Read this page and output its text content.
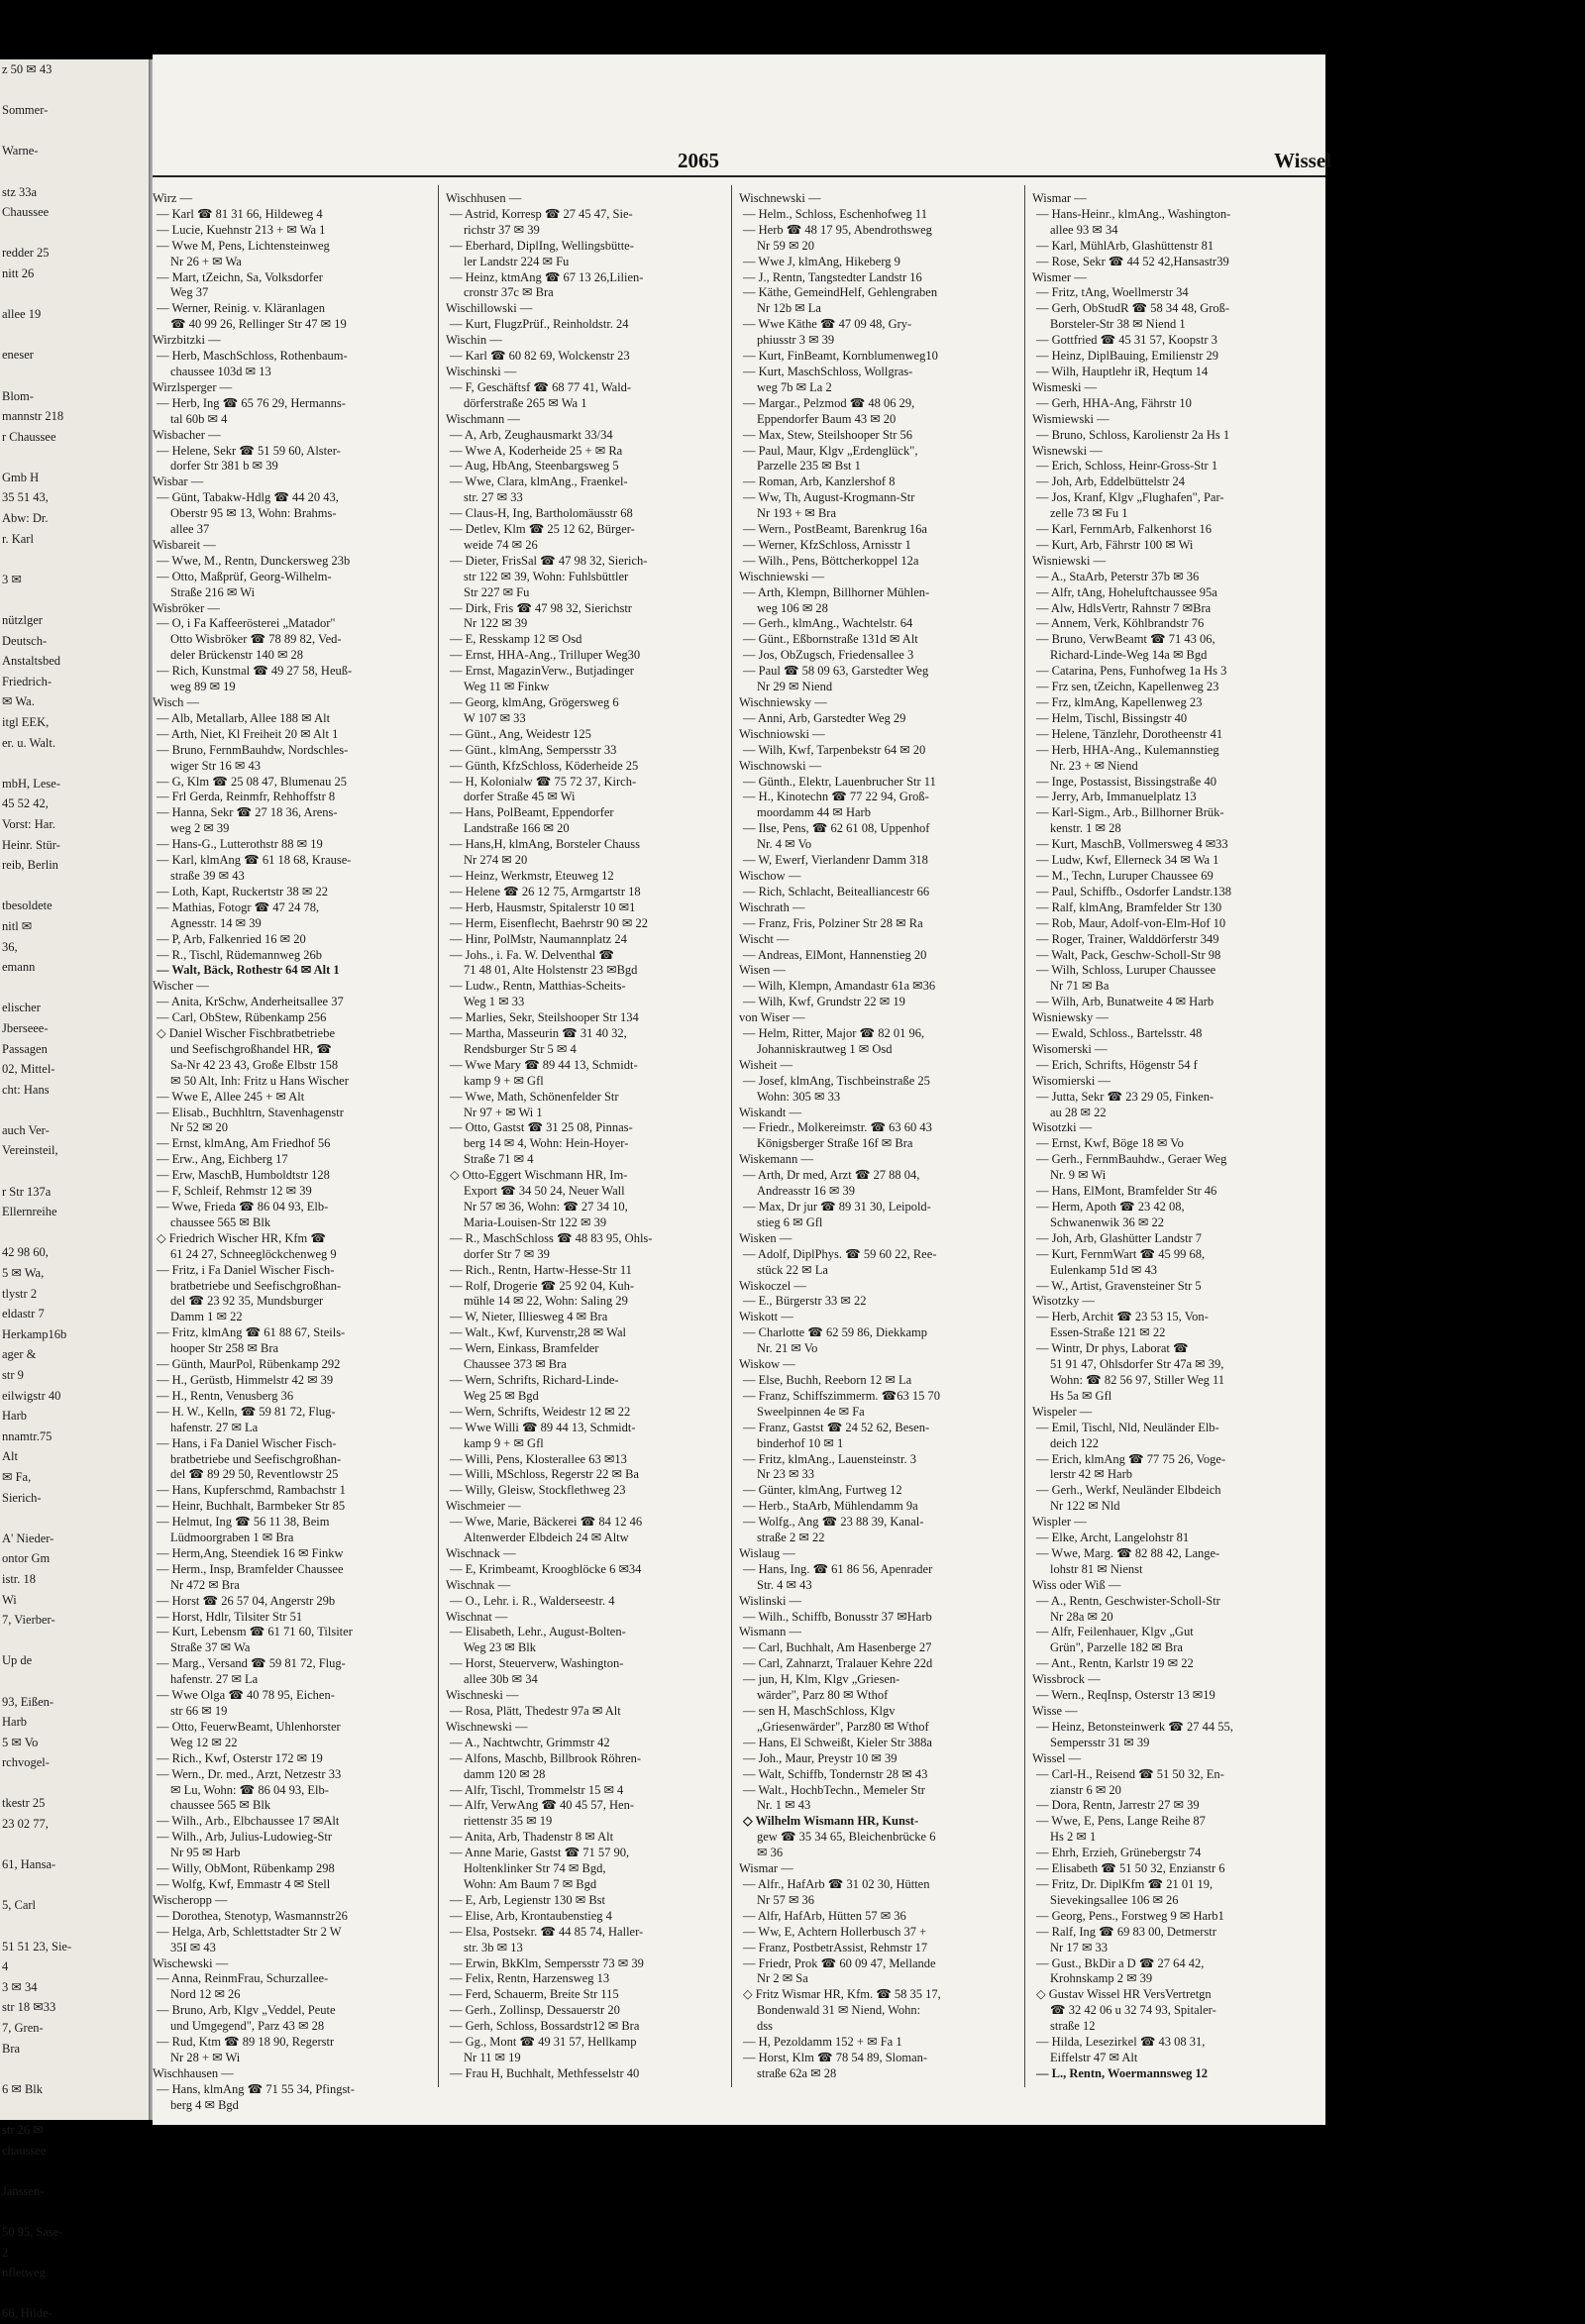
z 50 ✉ 43

Sommer-

Warne-

stz 33a
Chaussee

redder 25
nitt 26

allee 19

eneser

Blom-
mannstr 218
r Chaussee

Gmb H
35 51 43,
Abw: Dr.
r. Karl

3 ✉

nützlger
Deutsch-
Anstaltsbed
Friedrich-
✉ Wa.
itgl EEK,
er. u. Walt.

mbH, Lese-
45 52 42,
Vorst: Har.
Heinr. Stür-
reib, Berlin

tbesoldete
nitl ✉
36,
emann

elischer
Jberseee-
Passagen
02, Mittel-
cht: Hans

auch Ver-
Vereinsteil,

r Str 137a
Ellernreihe

42 98 60,
5 ✉ Wa,
tlystr 2
eldastr 7
Herkamp16b
ager &
str 9
eilwigstr 40
Harb
nnamtr.75
Alt
✉ Fa,
Sierich-

A' Nieder-
ontor Gm
istr. 18
Wi
7, Vierber-

Up de

93, Eißen-
Harb
5 ✉ Vo
rchvogel-

tkestr 25
23 02 77,

61, Hansa-

5, Carl

51 51 23, Sie-
4
3 ✉ 34
str 18 ✉33
7, Gren-
Bra

6 ✉ Blk

str 26 ✉
chaussee

Janssen-

50 95, Sase-
2
nfletweg

66, Hilde-
2065	Wissel
Wirz —
— Karl ☎ 81 31 66, Hildeweg 4
— Lucie, Kuehnstr 213 + ✉ Wa 1
— Wwe M, Pens, Lichtensteinweg
Nr 26 + ✉ Wa
— Mart, tZeichn, Sa, Volksdorfer
Weg 37
— Werner, Reinig. v. Kläranlagen
☎ 40 99 26, Rellinger Str 47 ✉ 19
Wirzbitzki —
— Herb, MaschSchloss, Rothenbaum-
chaussee 103d ✉ 13
Wirzlsperger —
— Herb, Ing ☎ 65 76 29, Hermanns-
tal 60b ✉ 4
Wisbacher —
— Helene, Sekr ☎ 51 59 60, Alster-
dorfer Str 381 b ✉ 39
Wisbar —
— Günt, Tabakw-Hdlg ☎ 44 20 43,
Oberstr 95 ✉ 13, Wohn: Brahms-
allee 37
Wisbareit —
— Wwe, M., Rentn, Dunckersweg 23b
— Otto, Maßprüf, Georg-Wilhelm-
Straße 216 ✉ Wi
Wisbröker —
— O, i Fa Kaffeerösterei „Matador"
Otto Wisbröker ☎ 78 89 82, Ved-
deler Brückenstr 140 ✉ 28
— Rich, Kunstmal ☎ 49 27 58, Heuß-
weg 89 ✉ 19
Wisch —
— Alb, Metallarb, Allee 188 ✉ Alt
— Arth, Niet, Kl Freiheit 20 ✉ Alt 1
— Bruno, FernmBauhdw, Nordschles-
wiger Str 16 ✉ 43
— G, Klm ☎ 25 08 47, Blumenau 25
— Frl Gerda, Reinmfr, Rehhoffstr 8
— Hanna, Sekr ☎ 27 18 36, Arens-
weg 2 ✉ 39
— Hans-G., Lutterothstr 88 ✉ 19
— Karl, klmAng ☎ 61 18 68, Krause-
straße 39 ✉ 43
— Loth, Kapt, Ruckertstr 38 ✉ 22
— Mathias, Fotogr ☎ 47 24 78,
Agnesstr. 14 ✉ 39
— P, Arb, Falkenried 16 ✉ 20
— R., Tischl, Rüdemannweg 26b
— Walt, Bäck, Rothestr 64 ✉ Alt 1
Wischer —
— Anita, KrSchw, Anderheitsallee 37
— Carl, ObStew, Rübenkamp 256
◇ Daniel Wischer Fischbratbetriebe
und Seefischgroßhandel HR, ☎
Sa-Nr 42 23 43, Große Elbstr 158
✉ 50 Alt, Inh: Fritz u Hans Wischer
— Wwe E, Allee 245 + ✉ Alt
— Elisab., Buchhltrn, Stavenhagenstr
Nr 52 ✉ 20
— Ernst, klmAng, Am Friedhof 56
— Erw., Ang, Eichberg 17
— Erw, MaschB, Humboldtstr 128
— F, Schleif, Rehmstr 12 ✉ 39
— Wwe, Frieda ☎ 86 04 93, Elb-
chaussee 565 ✉ Blk
◇ Friedrich Wischer HR, Kfm ☎
61 24 27, Schneeglöckchenweg 9
— Fritz, i Fa Daniel Wischer Fisch-
bratbetriebe und Seefischgroßhan-
del ☎ 23 92 35, Mundsburger
Damm 1 ✉ 22
— Fritz, klmAng ☎ 61 88 67, Steils-
hooper Str 258 ✉ Bra
— Günth, MaurPol, Rübenkamp 292
— H., Gerüstb, Himmelstr 42 ✉ 39
— H., Rentn, Venusberg 36
— H. W., Kelln, ☎ 59 81 72, Flug-
hafenstr. 27 ✉ La
— Hans, i Fa Daniel Wischer Fisch-
bratbetriebe und Seefischgroßhan-
del ☎ 89 29 50, Reventlowstr 25
— Hans, Kupferschmd, Rambachstr 1
— Heinr, Buchhalt, Barmbeker Str 85
— Helmut, Ing ☎ 56 11 38, Beim
Lüdmoorgraben 1 ✉ Bra
— Herm,Ang, Steendiek 16 ✉ Finkw
— Herm., Insp, Bramfelder Chaussee
Nr 472 ✉ Bra
— Horst ☎ 26 57 04, Angerstr 29b
— Horst, Hdlr, Tilsiter Str 51
— Kurt, Lebensm ☎ 61 71 60, Tilsiter
Straße 37 ✉ Wa
— Marg., Versand ☎ 59 81 72, Flug-
hafenstr. 27 ✉ La
— Wwe Olga ☎ 40 78 95, Eichen-
str 66 ✉ 19
— Otto, FeuerwBeamt, Uhlenhorster
Weg 12 ✉ 22
— Rich., Kwf, Osterstr 172 ✉ 19
— Wern., Dr. med., Arzt, Netzestr 33
✉ Lu, Wohn: ☎ 86 04 93, Elb-
chaussee 565 ✉ Blk
— Wilh., Arb., Elbchaussee 17 ✉Alt
— Wilh., Arb, Julius-Ludowieg-Str
Nr 95 ✉ Harb
— Willy, ObMont, Rübenkamp 298
— Wolfg, Kwf, Emmastr 4 ✉ Stell
Wischeropp —
— Dorothea, Stenotyp, Wasmannstr26
— Helga, Arb, Schlettstadter Str 2 W
35I ✉ 43
Wischewski —
— Anna, ReinmFrau, Schurzallee-
Nord 12 ✉ 26
— Bruno, Arb, Klgv „Veddel, Peute
und Umgegend", Parz 43 ✉ 28
— Rud, Ktm ☎ 89 18 90, Regerstr
Nr 28 + ✉ Wi
Wischhausen —
— Hans, klmAng ☎ 71 55 34, Pfingst-
berg 4 ✉ Bgd
Wischhusen —
— Astrid, Korresp ☎ 27 45 47, Sie-
richstr 37 ✉ 39
— Eberhard, DiplIng, Wellingsbütte-
ler Landstr 224 ✉ Fu
— Heinz, ktmAng ☎ 67 13 26,Lilien-
cronstr 37c ✉ Bra
Wischillowski —
— Kurt, FlugzPrüf., Reinholdstr. 24
Wischin —
— Karl ☎ 60 82 69, Wolckenstr 23
Wischinski —
— F, Geschäftsf ☎ 68 77 41, Wald-
dörferstraße 265 ✉ Wa 1
Wischmann —
— A, Arb, Zeughausmarkt 33/34
— Wwe A, Koderheide 25 + ✉ Ra
— Aug, HbAng, Steenbargsweg 5
— Wwe, Clara, klmAng., Fraenkel-
str. 27 ✉ 33
— Claus-H, Ing, Bartholomäusstr 68
— Detlev, Klm ☎ 25 12 62, Bürger-
weide 74 ✉ 26
— Dieter, FrisSal ☎ 47 98 32, Sierich-
str 122 ✉ 39, Wohn: Fuhlsbüttler
Str 227 ✉ Fu
— Dirk, Fris ☎ 47 98 32, Sierichstr
Nr 122 ✉ 39
— E, Resskamp 12 ✉ Osd
— Ernst, HHA-Ang., Trilluper Weg30
— Ernst, MagazinVerw., Butjadinger
Weg 11 ✉ Finkw
— Georg, klmAng, Grögersweg 6
W 107 ✉ 33
— Günt., Ang, Weidestr 125
— Günt., klmAng, Sempersstr 33
— Günth, KfzSchloss, Köderheide 25
— H, Kolonialw ☎ 75 72 37, Kirch-
dorfer Straße 45 ✉ Wi
— Hans, PolBeamt, Eppendorfer
Landstraße 166 ✉ 20
— Hans,H, klmAng, Borsteler Chauss
Nr 274 ✉ 20
— Heinz, Werkmstr, Eteuweg 12
— Helene ☎ 26 12 75, Armgartstr 18
— Herb, Hausmstr, Spitalerstr 10 ✉1
— Herm, Eisenflecht, Baehrstr 90 ✉ 22
— Hinr, PolMstr, Naumannplatz 24
— Johs., i. Fa. W. Delventhal ☎
71 48 01, Alte Holstenstr 23 ✉Bgd
— Ludw., Rentn, Matthias-Scheits-
Weg 1 ✉ 33
— Marlies, Sekr, Steilshooper Str 134
— Martha, Masseurin ☎ 31 40 32,
Rendsburger Str 5 ✉ 4
— Wwe Mary ☎ 89 44 13, Schmidt-
kamp 9 + ✉ Gfl
— Wwe, Math, Schönenfelder Str
Nr 97 + ✉ Wi 1
— Otto, Gastst ☎ 31 25 08, Pinnas-
berg 14 ✉ 4, Wohn: Hein-Hoyer-
Straße 71 ✉ 4
◇ Otto-Eggert Wischmann HR, Im-
Export ☎ 34 50 24, Neuer Wall
Nr 57 ✉ 36, Wohn: ☎ 27 34 10,
Maria-Louisen-Str 122 ✉ 39
— R., MaschSchloss ☎ 48 83 95, Ohls-
dorfer Str 7 ✉ 39
— Rich., Rentn, Hartw-Hesse-Str 11
— Rolf, Drogerie ☎ 25 92 04, Kuh-
mühle 14 ✉ 22, Wohn: Saling 29
— W, Nieter, Illiesweg 4 ✉ Bra
— Walt., Kwf, Kurvenstr,28 ✉ Wal
— Wern, Einkass, Bramfelder
Chaussee 373 ✉ Bra
— Wern, Schrifts, Richard-Linde-
Weg 25 ✉ Bgd
— Wern, Schrifts, Weidestr 12 ✉ 22
— Wwe Willi ☎ 89 44 13, Schmidt-
kamp 9 + ✉ Gfl
— Willi, Pens, Klosterallee 63 ✉13
— Willi, MSchloss, Regerstr 22 ✉ Ba
— Willy, Gleisw, Stockflethweg 23
Wischmeier —
— Wwe, Marie, Bäckerei ☎ 84 12 46
Altenwerder Elbdeich 24 ✉ Altw
Wischnack —
— E, Krimbeamt, Kroogblöcke 6 ✉34
Wischnak —
— O., Lehr. i. R., Walderseestr. 4
Wischnat —
— Elisabeth, Lehr., August-Bolten-
Weg 23 ✉ Blk
— Horst, Steuerverw, Washington-
allee 30b ✉ 34
Wischneski —
— Rosa, Plätt, Thedestr 97a ✉ Alt
Wischnewski —
— A., Nachtwchtr, Grimmstr 42
— Alfons, Maschb, Billbrook Röhren-
damm 120 ✉ 28
— Alfr, Tischl, Trommelstr 15 ✉ 4
— Alfr, VerwAng ☎ 40 45 57, Hen-
riettenstr 35 ✉ 19
— Anita, Arb, Thadenstr 8 ✉ Alt
— Anne Marie, Gastst ☎ 71 57 90,
Holtenklinker Str 74 ✉ Bgd,
Wohn: Am Baum 7 ✉ Bgd
— E, Arb, Legienstr 130 ✉ Bst
— Elise, Arb, Krontaubenstieg 4
— Elsa, Postsekr. ☎ 44 85 74, Haller-
str. 3b ✉ 13
— Erwin, BkKlm, Sempersstr 73 ✉ 39
— Felix, Rentn, Harzensweg 13
— Ferd, Schauerm, Breite Str 115
— Gerh., Zollinsp, Dessauerstr 20
— Gerh, Schloss, Bossardstr12 ✉ Bra
— Gg., Mont ☎ 49 31 57, Hellkamp
Nr 11 ✉ 19
— Frau H, Buchhalt, Methfesselstr 40
Wischnewski —
— Helm., Schloss, Eschenhofweg 11
— Herb ☎ 48 17 95, Abendrothsweg
Nr 59 ✉ 20
— Wwe J, klmAng, Hikeberg 9
— J., Rentn, Tangstedter Landstr 16
— Käthe, GemeindHelf, Gehlengraben
Nr 12b ✉ La
— Wwe Käthe ☎ 47 09 48, Gry-
phiusstr 3 ✉ 39
— Kurt, FinBeamt, Kornblumenweg10
— Kurt, MaschSchloss, Wollgras-
weg 7b ✉ La 2
— Margar., Pelzmod ☎ 48 06 29,
Eppendorfer Baum 43 ✉ 20
— Max, Stew, Steilshooper Str 56
— Paul, Maur, Klgv „Erdenglück",
Parzelle 235 ✉ Bst 1
— Roman, Arb, Kanzlershof 8
— Ww, Th, August-Krogmann-Str
Nr 193 + ✉ Bra
— Wern., PostBeamt, Barenkrug 16a
— Werner, KfzSchloss, Arnisstr 1
— Wilh., Pens, Böttcherkoppel 12a
Wischniewski —
— Arth, Klempn, Billhorner Mühlen-
weg 106 ✉ 28
— Gerh., klmAng., Wachtelstr. 64
— Günt., Eßbornstraße 131d ✉ Alt
— Jos, ObZugsch, Friedensallee 3
— Paul ☎ 58 09 63, Garstedter Weg
Nr 29 ✉ Niend
Wischniewsky —
— Anni, Arb, Garstedter Weg 29
Wischniowski —
— Wilh, Kwf, Tarpenbekstr 64 ✉ 20
Wischnowski —
— Günth., Elektr, Lauenbrucher Str 11
— H., Kinotechn ☎ 77 22 94, Groß-
moordamm 44 ✉ Harb
— Ilse, Pens, ☎ 62 61 08, Uppenhof
Nr. 4 ✉ Vo
— W, Ewerf, Vierlandenr Damm 318
Wischow —
— Rich, Schlacht, Beitealliancestr 66
Wischrath —
— Franz, Fris, Polziner Str 28 ✉ Ra
Wischt —
— Andreas, ElMont, Hannenstieg 20
Wisen —
— Wilh, Klempn, Amandastr 61a ✉36
— Wilh, Kwf, Grundstr 22 ✉ 19
von Wiser —
— Helm, Ritter, Major ☎ 82 01 96,
Johanniskrautweg 1 ✉ Osd
Wisheit —
— Josef, klmAng, Tischbeinstraße 25
Wohn: 305 ✉ 33
Wiskandt —
— Friedr., Molkereimstr. ☎ 63 60 43
Königsberger Straße 16f ✉ Bra
Wiskemann —
— Arth, Dr med, Arzt ☎ 27 88 04,
Andreasstr 16 ✉ 39
— Max, Dr jur ☎ 89 31 30, Leipold-
stieg 6 ✉ Gfl
Wisken —
— Adolf, DiplPhys. ☎ 59 60 22, Ree-
stück 22 ✉ La
Wiskoczel —
— E., Bürgerstr 33 ✉ 22
Wiskott —
— Charlotte ☎ 62 59 86, Diekkamp
Nr. 21 ✉ Vo
Wiskow —
— Else, Buchh, Reeborn 12 ✉ La
— Franz, Schiffszimmerm. ☎63 15 70
Sweelpinnen 4e ✉ Fa
— Franz, Gastst ☎ 24 52 62, Besen-
binderhof 10 ✉ 1
— Fritz, klmAng., Lauensteinstr. 3
Nr 23 ✉ 33
— Günter, klmAng, Furtweg 12
— Herb., StaArb, Mühlendamm 9a
— Wolfg., Ang ☎ 23 88 39, Kanal-
straße 2 ✉ 22
Wislaug —
— Hans, Ing. ☎ 61 86 56, Apenrader
Str. 4 ✉ 43
Wislinski —
— Wilh., Schiffb, Bonusstr 37 ✉Harb
Wismann —
— Carl, Buchhalt, Am Hasenberge 27
— Carl, Zahnarzt, Tralauer Kehre 22d
— jun, H, Klm, Klgv „Griesen-
wärder", Parz 80 ✉ Wthof
— sen H, MaschSchloss, Klgv
„Griesenwärder", Parz80 ✉ Wthof
— Hans, El Schweißt, Kieler Str 388a
— Joh., Maur, Preystr 10 ✉ 39
— Walt, Schiffb, Tondernstr 28 ✉ 43
— Walt., HochbTechn., Memeler Str
Nr. 1 ✉ 43
◇ Wilhelm Wismann HR, Kunst-
gew ☎ 35 34 65, Bleichenbrücke 6
✉ 36
Wismar —
— Alfr., HafArb ☎ 31 02 30, Hütten
Nr 57 ✉ 36
— Alfr, HafArb, Hütten 57 ✉ 36
— Ww, E, Achtern Hollerbusch 37 +
— Franz, PostbetrAssist, Rehmstr 17
— Friedr, Prok ☎ 60 09 47, Mellande
Nr 2 ✉ Sa
◇ Fritz Wismar HR, Kfm. ☎ 58 35 17,
Bondenwald 31 ✉ Niend, Wohn:
dss
— H, Pezoldamm 152 + ✉ Fa 1
— Horst, Klm ☎ 78 54 89, Sloman-
straße 62a ✉ 28
Wismar —
— Hans-Heinr., klmAng., Washington-
allee 93 ✉ 34
— Karl, MühlArb, Glashüttenstr 81
— Rose, Sekr ☎ 44 52 42,Hansastr39
Wismer —
— Fritz, tAng, Woellmerstr 34
— Gerh, ObStudR ☎ 58 34 48, Groß-
Borsteler-Str 38 ✉ Niend 1
— Gottfried ☎ 45 31 57, Koopstr 3
— Heinz, DiplBauing, Emilienstr 29
— Wilh, Hauptlehr iR, Heqtum 14
Wismeski —
— Gerh, HHA-Ang, Fährstr 10
Wismiewski —
— Bruno, Schloss, Karolienstr 2a Hs 1
Wisnewski —
— Erich, Schloss, Heinr-Gross-Str 1
— Joh, Arb, Eddelbüttelstr 24
— Jos, Kranf, Klgv „Flughafen", Par-
zelle 73 ✉ Fu 1
— Karl, FernmArb, Falkenhorst 16
— Kurt, Arb, Fährstr 100 ✉ Wi
Wisniewski —
— A., StaArb, Peterstr 37b ✉ 36
— Alfr, tAng, Hoheluftchaussee 95a
— Alw, HdlsVertr, Rahnstr 7 ✉Bra
— Annem, Verk, Köhlbrandstr 76
— Bruno, VerwBeamt ☎ 71 43 06,
Richard-Linde-Weg 14a ✉ Bgd
— Catarina, Pens, Funhofweg 1a Hs 3
— Frz sen, tZeichn, Kapellenweg 23
— Frz, klmAng, Kapellenweg 23
— Helm, Tischl, Bissingstr 40
— Helene, Tänzlehr, Dorotheenstr 41
— Herb, HHA-Ang., Kulemannstieg
Nr. 23 + ✉ Niend
— Inge, Postassist, Bissingstraße 40
— Jerry, Arb, Immanuelplatz 13
— Karl-Sigm., Arb., Billhorner Brük-
kenstr. 1 ✉ 28
— Kurt, MaschB, Vollmersweg 4 ✉33
— Ludw, Kwf, Ellerneck 34 ✉ Wa 1
— M., Techn, Luruper Chaussee 69
— Paul, Schiffb., Osdorfer Landstr.138
— Ralf, klmAng, Bramfelder Str 130
— Rob, Maur, Adolf-von-Elm-Hof 10
— Roger, Trainer, Walddörferstr 349
— Walt, Pack, Geschw-Scholl-Str 98
— Wilh, Schloss, Luruper Chaussee
Nr 71 ✉ Ba
— Wilh, Arb, Bunatweite 4 ✉ Harb
Wisniewsky —
— Ewald, Schloss., Bartelsstr. 48
Wisomerski —
— Erich, Schrifts, Högenstr 54 f
Wisomierski —
— Jutta, Sekr ☎ 23 29 05, Finken-
au 28 ✉ 22
Wisotzki —
— Ernst, Kwf, Böge 18 ✉ Vo
— Gerh., FernmBauhdw., Geraer Weg
Nr. 9 ✉ Wi
— Hans, ElMont, Bramfelder Str 46
— Herm, Apoth ☎ 23 42 08,
Schwanenwik 36 ✉ 22
— Joh, Arb, Glashütter Landstr 7
— Kurt, FernmWart ☎ 45 99 68,
Eulenkamp 51d ✉ 43
— W., Artist, Gravensteiner Str 5
Wisotzky —
— Herb, Archit ☎ 23 53 15, Von-
Essen-Straße 121 ✉ 22
— Wintr, Dr phys, Laborat ☎
51 91 47, Ohlsdorfer Str 47a ✉ 39,
Wohn: ☎ 82 56 97, Stiller Weg 11
Hs 5a ✉ Gfl
Wispeler —
— Emil, Tischl, Nld, Neuländer Elb-
deich 122
— Erich, klmAng ☎ 77 75 26, Voge-
lerstr 42 ✉ Harb
— Gerh., Werkf, Neuländer Elbdeich
Nr 122 ✉ Nld
Wispler —
— Elke, Archt, Langelohstr 81
— Wwe, Marg. ☎ 82 88 42, Lange-
lohstr 81 ✉ Nienst
Wiss oder Wiß —
— A., Rentn, Geschwister-Scholl-Str
Nr 28a ✉ 20
— Alfr, Feilenhauer, Klgv „Gut
Grün", Parzelle 182 ✉ Bra
— Ant., Rentn, Karlstr 19 ✉ 22
Wissbrock —
— Wern., ReqInsp, Osterstr 13 ✉19
Wisse —
— Heinz, Betonsteinwerk ☎ 27 44 55,
Sempersstr 31 ✉ 39
Wissel —
— Carl-H., Reisend ☎ 51 50 32, En-
zianstr 6 ✉ 20
— Dora, Rentn, Jarrestr 27 ✉ 39
— Wwe, E, Pens, Lange Reihe 87
Hs 2 ✉ 1
— Ehrh, Erzieh, Grünebergstr 74
— Elisabeth ☎ 51 50 32, Enzianstr 6
— Fritz, Dr. DiplKfm ☎ 21 01 19,
Sievekingsallee 106 ✉ 26
— Georg, Pens., Forstweg 9 ✉ Harb1
— Ralf, Ing ☎ 69 83 00, Detmerstr
Nr 17 ✉ 33
— Gust., BkDir a D ☎ 27 64 42,
Krohnskamp 2 ✉ 39
◇ Gustav Wissel HR VersVertretgn
☎ 32 42 06 u 32 74 93, Spitaler-
straße 12
— Hilda, Lesezirkel ☎ 43 08 31,
Eiffelstr 47 ✉ Alt
— L., Rentn, Woermannsweg 12
